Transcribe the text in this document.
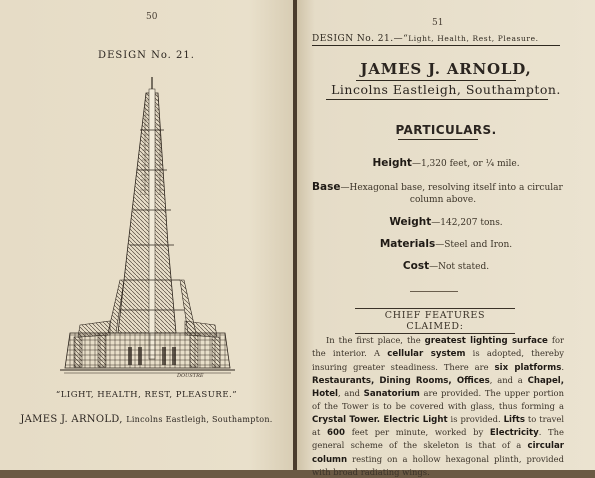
50
DESIGN No. 21.
DOUSTRE
“LIGHT, HEALTH, REST, PLEASURE.”
JAMES J. ARNOLD, Lincolns Eastleigh, Southampton.
51
DESIGN No. 21.—“Light, Health, Rest, Pleasure.
JAMES J. ARNOLD,
Lincolns Eastleigh, Southampton.
PARTICULARS.
Height—1,320 feet, or ¼ mile.
Base—Hexagonal base, resolving itself into a circular
column above.
Weight—142,207 tons.
Materials—Steel and Iron.
Cost—Not stated.
CHIEF FEATURES CLAIMED:
In the first place, the greatest lighting surface for the interior. A cellular system is adopted, thereby insuring greater steadiness. There are six platforms. Restaurants, Dining Rooms, Offices, and a Chapel, Hotel, and Sanatorium are provided. The upper portion of the Tower is to be covered with glass, thus forming a Crystal Tower. Electric Light is provided. Lifts to travel at 600 feet per minute, worked by Electricity. The general scheme of the skeleton is that of a circular column resting on a hollow hexagonal plinth, provided with broad radiating wings.
